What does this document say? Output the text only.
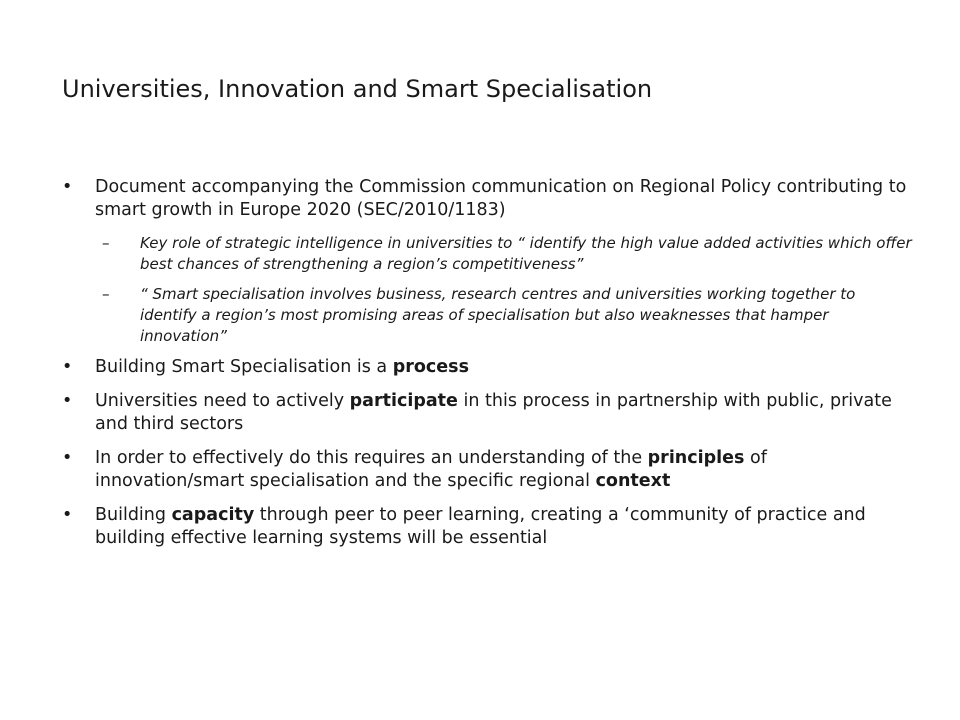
Universities, Innovation and Smart Specialisation
• Document accompanying the Commission communication on Regional Policy contributing to smart growth in Europe 2020 (SEC/2010/1183)
– Key role of strategic intelligence in universities to “ identify the high value added activities which offer best chances of strengthening a region’s competitiveness”
– “ Smart specialisation involves business, research centres and universities working together to identify a region’s most promising areas of specialisation but also weaknesses that hamper innovation”
• Building Smart Specialisation is a process
• Universities need to actively participate in this process in partnership with public, private and third sectors
• In order to effectively do this requires an understanding of the principles of innovation/smart specialisation and the specific regional context
• Building capacity through peer to peer learning, creating a ‘community of practice and building effective learning systems will be essential
